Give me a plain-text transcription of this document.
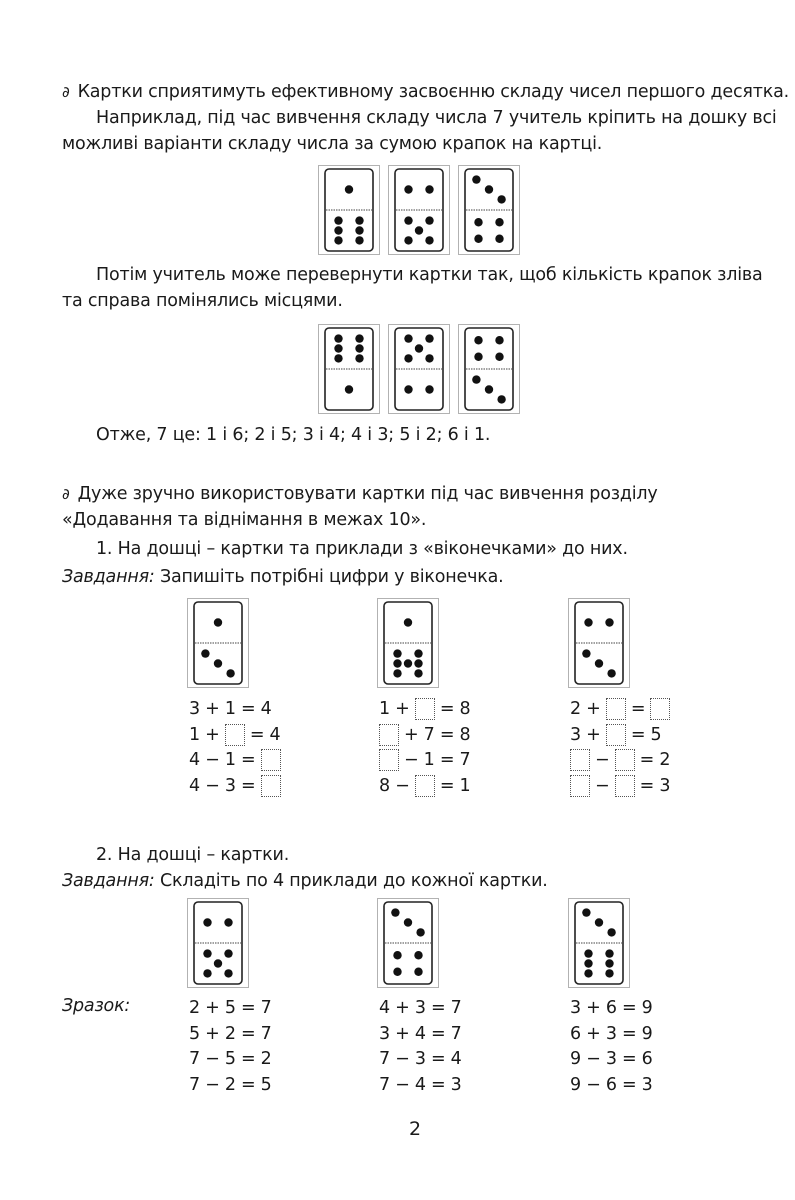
∂ Картки сприятимуть ефективному засвоєнню складу чисел першого десятка.
Наприклад, під час вивчення складу числа 7 учитель кріпить на дошку всі
можливі варіанти складу числа за сумою крапок на картці.
Потім учитель може перевернути картки так, щоб кількість крапок зліва
та справа помінялись місцями.
Отже, 7 це: 1 і 6; 2 і 5; 3 і 4; 4 і 3; 5 і 2; 6 і 1.
∂ Дуже зручно використовувати картки під час вивчення розділу
«Додавання та віднімання в межах 10».
1. На дошці – картки та приклади з «віконечками» до них.
Завдання: Запишіть потрібні цифри у віконечка.
2. На дошці – картки.
Завдання: Складіть по 4 приклади до кожної картки.
Зразок:
2
3 + 1 = 4
1 + = 4
4 − 1 =
4 − 3 =
1 + = 8
+ 7 = 8
− 1 = 7
8 − = 1
2 + =
3 + = 5
− = 2
− = 3
2 + 5 = 7
5 + 2 = 7
7 − 5 = 2
7 − 2 = 5
4 + 3 = 7
3 + 4 = 7
7 − 3 = 4
7 − 4 = 3
3 + 6 = 9
6 + 3 = 9
9 − 3 = 6
9 − 6 = 3
